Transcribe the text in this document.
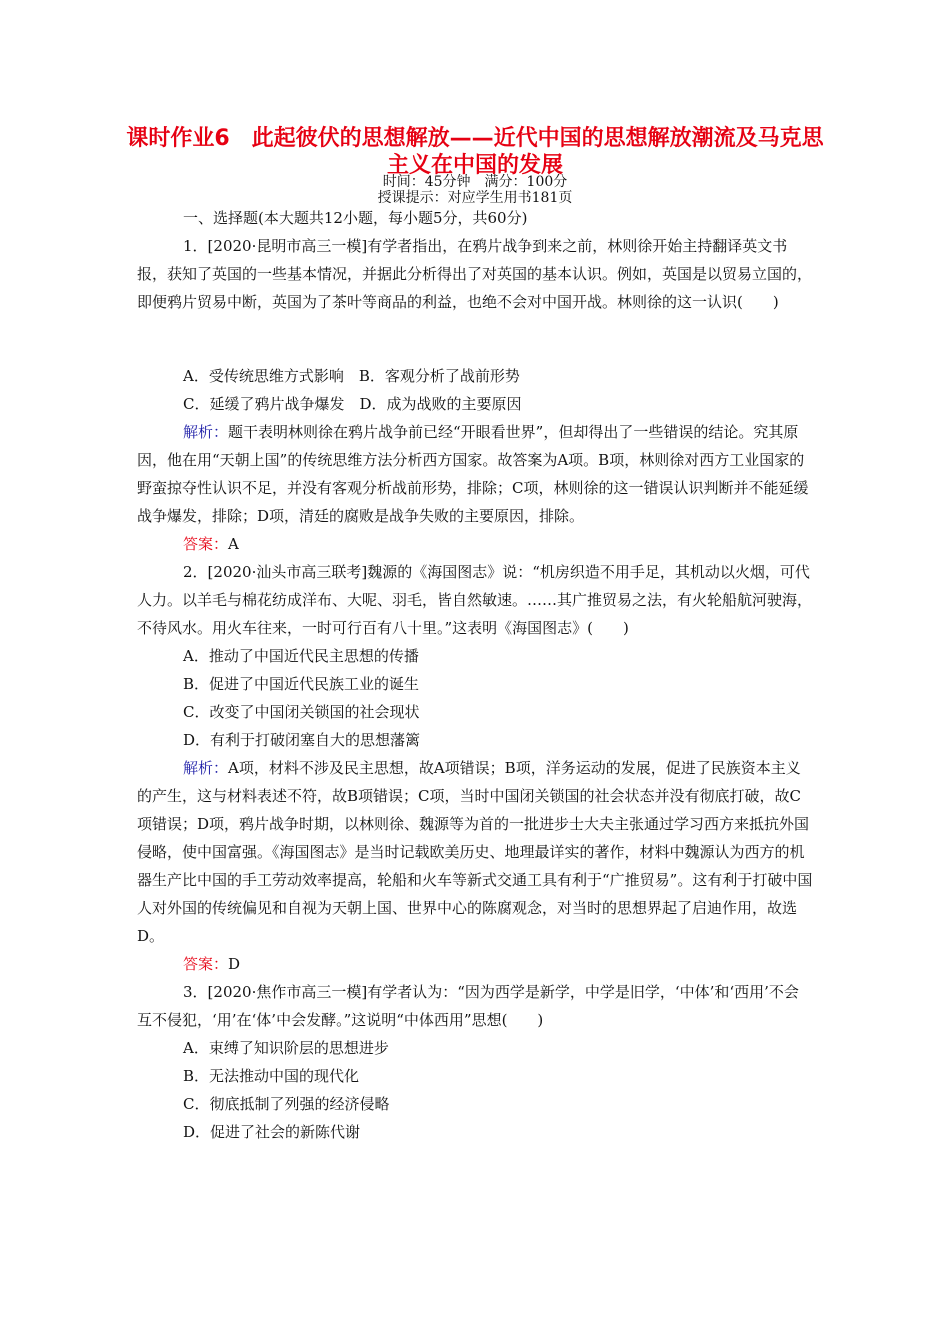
课时作业6　此起彼伏的思想解放——近代中国的思想解放潮流及马克思主义在中国的发展
时间：45分钟　满分：100分
授课提示：对应学生用书181页

一、选择题(本大题共12小题，每小题5分，共60分)

1．[2020·昆明市高三一模]有学者指出，在鸦片战争到来之前，林则徐开始主持翻译英文书报，获知了英国的一些基本情况，并据此分析得出了对英国的基本认识。例如，英国是以贸易立国的，即便鸦片贸易中断，英国为了茶叶等商品的利益，也绝不会对中国开战。林则徐的这一认识(　　)

A．受传统思维方式影响　B．客观分析了战前形势

C．延缓了鸦片战争爆发　D．成为战败的主要原因

解析：题干表明林则徐在鸦片战争前已经“开眼看世界”，但却得出了一些错误的结论。究其原因，他在用“天朝上国”的传统思维方法分析西方国家。故答案为A项。B项，林则徐对西方工业国家的野蛮掠夺性认识不足，并没有客观分析战前形势，排除；C项，林则徐的这一错误认识判断并不能延缓战争爆发，排除；D项，清廷的腐败是战争失败的主要原因，排除。

答案：A

2．[2020·汕头市高三联考]魏源的《海国图志》说：“机房织造不用手足，其机动以火烟，可代人力。以羊毛与棉花纺成洋布、大呢、羽毛，皆自然敏速。……其广推贸易之法，有火轮船航河驶海，不待风水。用火车往来，一时可行百有八十里。”这表明《海国图志》(　　)

A．推动了中国近代民主思想的传播

B．促进了中国近代民族工业的诞生

C．改变了中国闭关锁国的社会现状

D．有利于打破闭塞自大的思想藩篱

解析：A项，材料不涉及民主思想，故A项错误；B项，洋务运动的发展，促进了民族资本主义的产生，这与材料表述不符，故B项错误；C项，当时中国闭关锁国的社会状态并没有彻底打破，故C项错误；D项，鸦片战争时期，以林则徐、魏源等为首的一批进步士大夫主张通过学习西方来抵抗外国侵略，使中国富强。《海国图志》是当时记载欧美历史、地理最详实的著作，材料中魏源认为西方的机器生产比中国的手工劳动效率提高，轮船和火车等新式交通工具有利于“广推贸易”。这有利于打破中国人对外国的传统偏见和自视为天朝上国、世界中心的陈腐观念，对当时的思想界起了启迪作用，故选D。

答案：D

3．[2020·焦作市高三一模]有学者认为：“因为西学是新学，中学是旧学，‘中体’和‘西用’不会互不侵犯，‘用’在‘体’中会发酵。”这说明“中体西用”思想(　　)

A．束缚了知识阶层的思想进步

B．无法推动中国的现代化

C．彻底抵制了列强的经济侵略

D．促进了社会的新陈代谢
